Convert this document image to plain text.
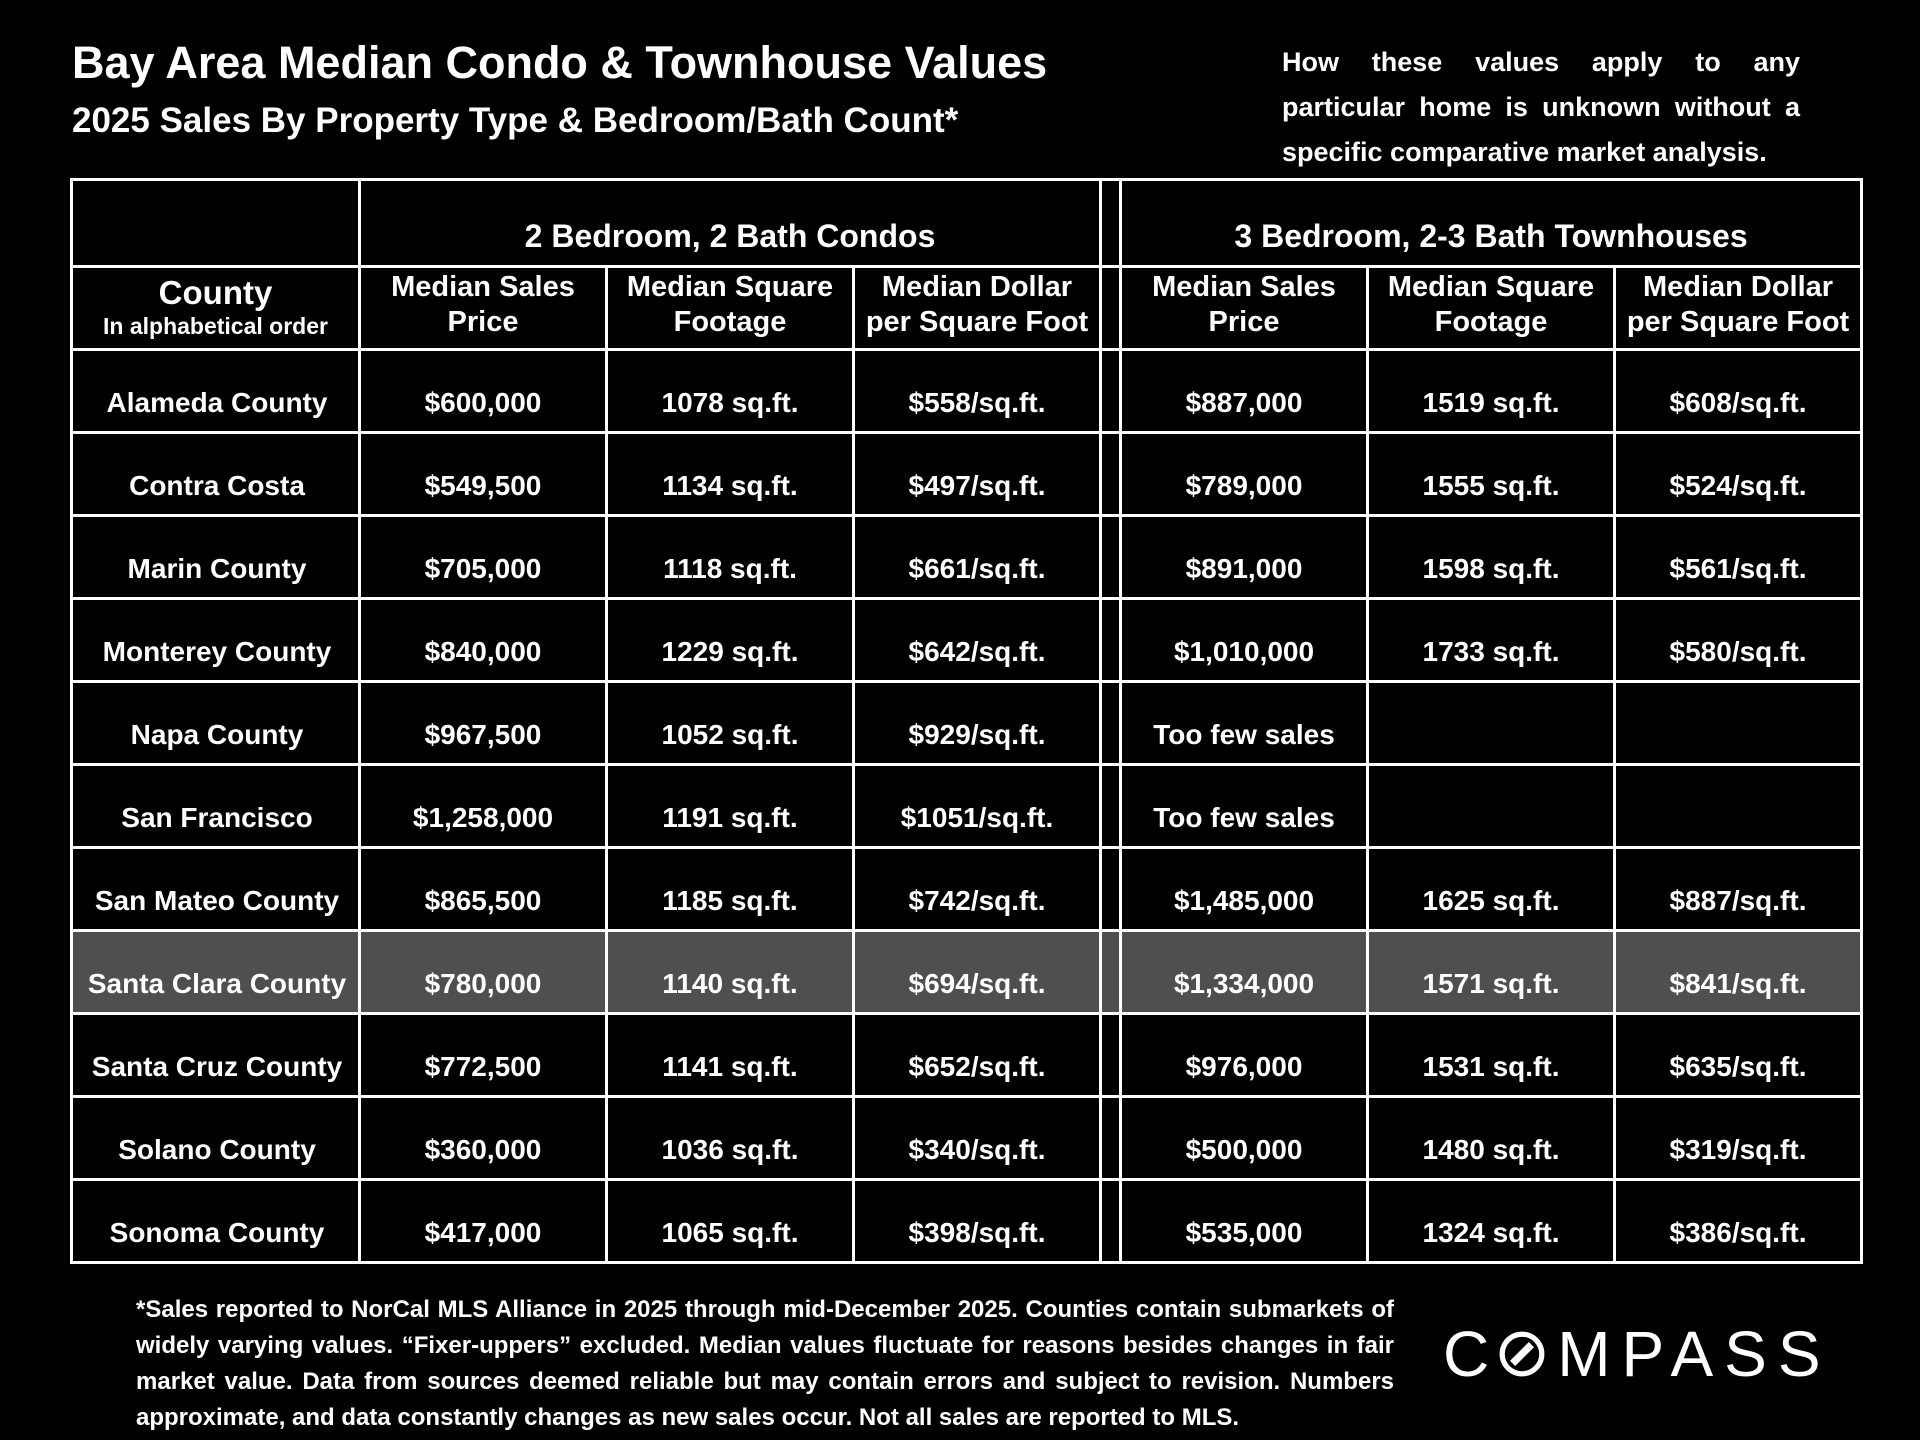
Bay Area Median Condo & Townhouse Values
2025 Sales By Property Type & Bedroom/Bath Count*
How these values apply to any particular home is unknown without a specific comparative market analysis.
	2 Bedroom, 2 Bath Condos				3 Bedroom, 2-3 Bath Townhouses		

County
In alphabetical order	Median Sales Price	Median Square Footage	Median Dollar per Square Foot		Median Sales Price	Median Square Footage	Median Dollar per Square Foot
Alameda County	$600,000	1078 sq.ft.	$558/sq.ft.		$887,000	1519 sq.ft.	$608/sq.ft.
Contra Costa	$549,500	1134 sq.ft.	$497/sq.ft.		$789,000	1555 sq.ft.	$524/sq.ft.
Marin County	$705,000	1118 sq.ft.	$661/sq.ft.		$891,000	1598 sq.ft.	$561/sq.ft.
Monterey County	$840,000	1229 sq.ft.	$642/sq.ft.		$1,010,000	1733 sq.ft.	$580/sq.ft.
Napa County	$967,500	1052 sq.ft.	$929/sq.ft.		Too few sales		
San Francisco	$1,258,000	1191 sq.ft.	$1051/sq.ft.		Too few sales		
San Mateo County	$865,500	1185 sq.ft.	$742/sq.ft.		$1,485,000	1625 sq.ft.	$887/sq.ft.
Santa Clara County	$780,000	1140 sq.ft.	$694/sq.ft.		$1,334,000	1571 sq.ft.	$841/sq.ft.
Santa Cruz County	$772,500	1141 sq.ft.	$652/sq.ft.		$976,000	1531 sq.ft.	$635/sq.ft.
Solano County	$360,000	1036 sq.ft.	$340/sq.ft.		$500,000	1480 sq.ft.	$319/sq.ft.
Sonoma County	$417,000	1065 sq.ft.	$398/sq.ft.		$535,000	1324 sq.ft.	$386/sq.ft.
*Sales reported to NorCal MLS Alliance in 2025 through mid-December 2025. Counties contain submarkets of widely varying values. “Fixer-uppers” excluded. Median values fluctuate for reasons besides changes in fair market value. Data from sources deemed reliable but may contain errors and subject to revision. Numbers approximate, and data constantly changes as new sales occur. Not all sales are reported to MLS.
C MPASS
